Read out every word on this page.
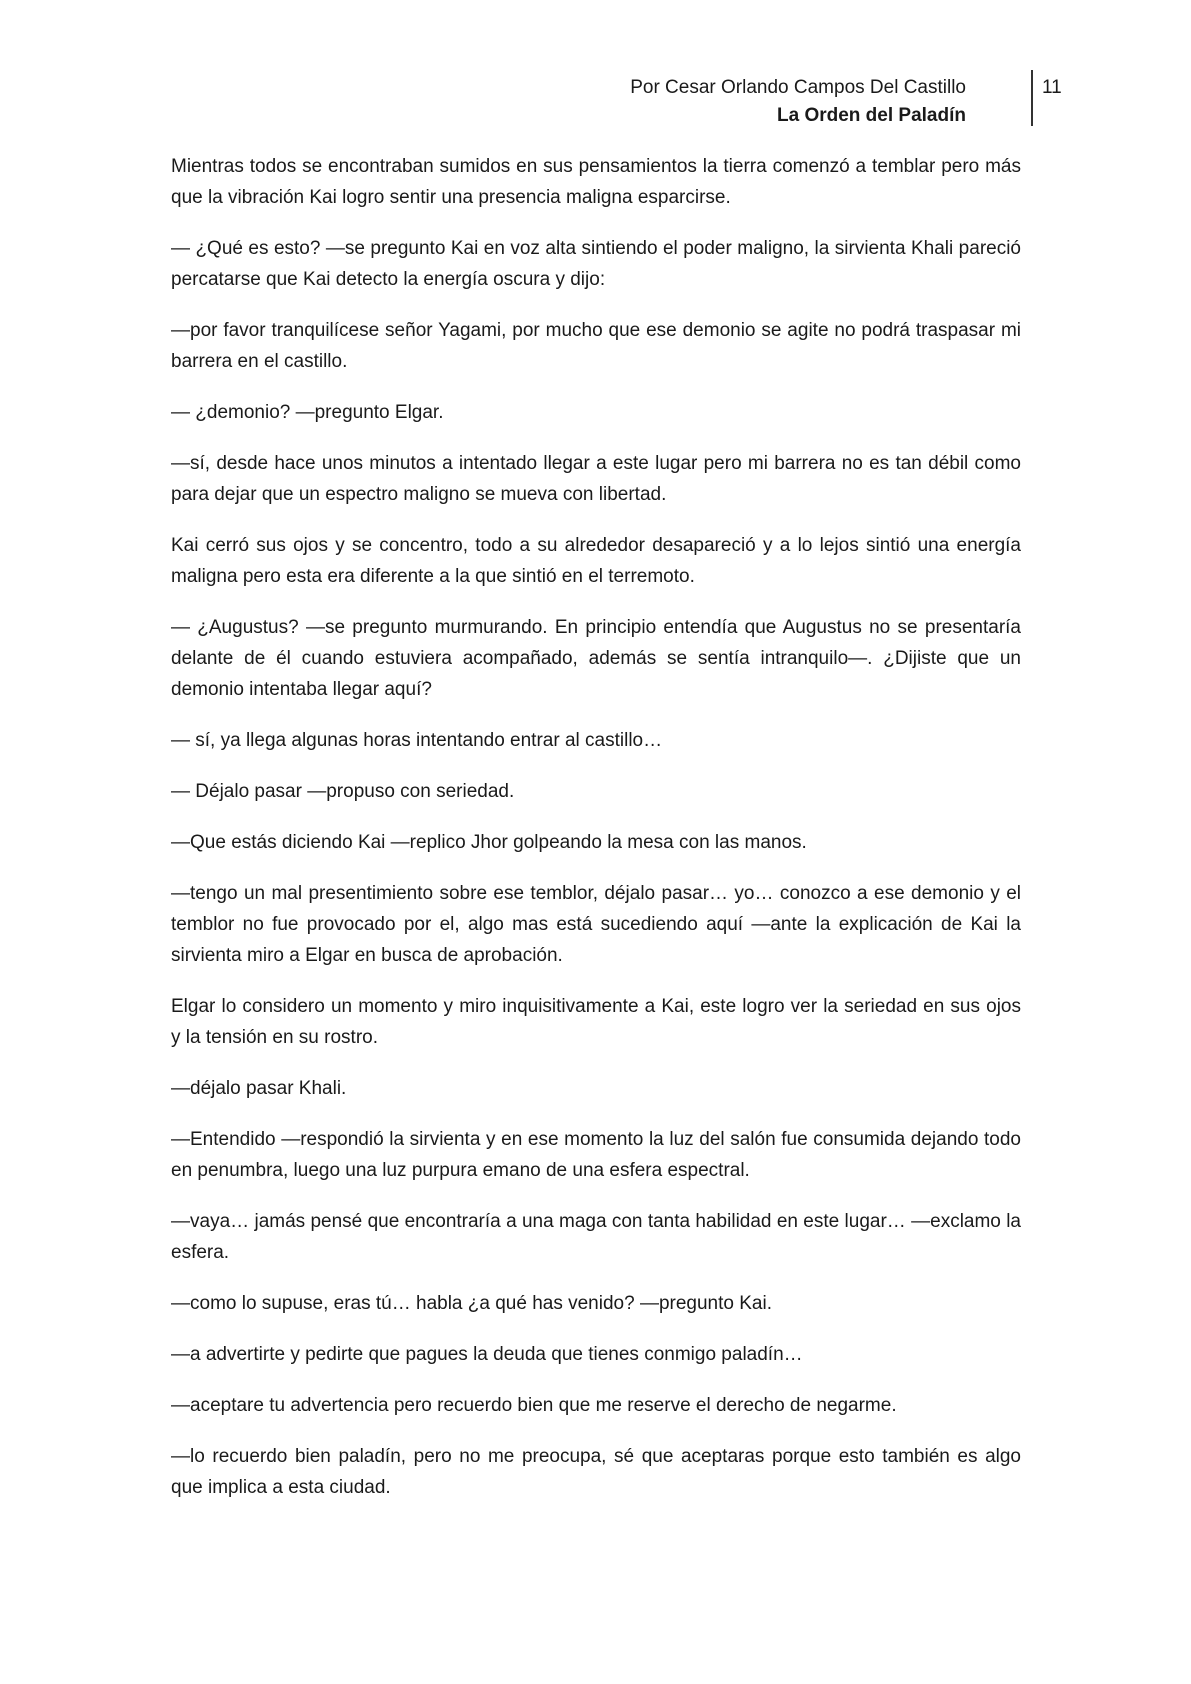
Por Cesar Orlando Campos Del Castillo
La Orden del Paladín
11

Mientras todos se encontraban sumidos en sus pensamientos la tierra comenzó a temblar pero más que la vibración Kai logro sentir una presencia maligna esparcirse.

— ¿Qué es esto? —se pregunto Kai en voz alta sintiendo el poder maligno, la sirvienta Khali pareció percatarse que Kai detecto la energía oscura y dijo:

—por favor tranquilícese señor Yagami, por mucho que ese demonio se agite no podrá traspasar mi barrera en el castillo.

— ¿demonio? —pregunto Elgar.

—sí, desde hace unos minutos a intentado llegar a este lugar pero mi barrera no es tan débil como para dejar que un espectro maligno se mueva con libertad.

Kai cerró sus ojos y se concentro, todo a su alrededor desapareció y a lo lejos sintió una energía maligna pero esta era diferente a la que sintió en el terremoto.

— ¿Augustus? —se pregunto murmurando. En principio entendía que Augustus no se presentaría delante de él cuando estuviera acompañado, además se sentía intranquilo—. ¿Dijiste que un demonio intentaba llegar aquí?

— sí, ya llega algunas horas intentando entrar al castillo…

— Déjalo pasar —propuso con seriedad.

—Que estás diciendo Kai —replico Jhor golpeando la mesa con las manos.

—tengo un mal presentimiento sobre ese temblor, déjalo pasar… yo… conozco a ese demonio y el temblor no fue provocado por el, algo mas está sucediendo aquí —ante la explicación de Kai la sirvienta miro a Elgar en busca de aprobación.

Elgar lo considero un momento y miro inquisitivamente a Kai, este logro ver la seriedad en sus ojos y la tensión en su rostro.

—déjalo pasar Khali.

—Entendido —respondió la sirvienta y en ese momento la luz del salón fue consumida dejando todo en penumbra, luego una luz purpura emano de una esfera espectral.

—vaya… jamás pensé que encontraría a una maga con tanta habilidad en este lugar… —exclamo la esfera.

—como lo supuse, eras tú… habla ¿a qué has venido? —pregunto Kai.

—a advertirte y pedirte que pagues la deuda que tienes conmigo paladín…

—aceptare tu advertencia pero recuerdo bien que me reserve el derecho de negarme.

—lo recuerdo bien paladín, pero no me preocupa, sé que aceptaras porque esto también es algo que implica a esta ciudad.
